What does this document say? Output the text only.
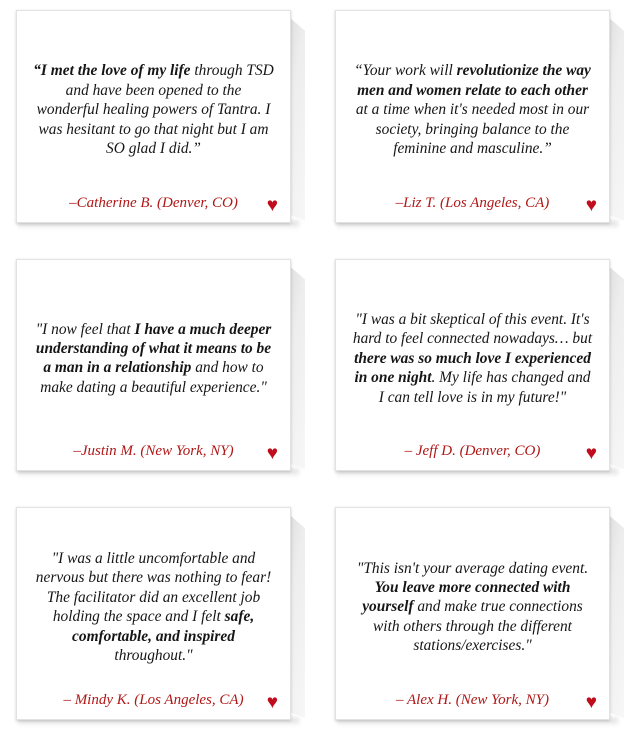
“I met the love of my life through TSD and have been opened to the wonderful healing powers of Tantra. I was hesitant to go that night but I am SO glad I did.”
–Catherine B. (Denver, CO) ♥
“Your work will revolutionize the way men and women relate to each other at a time when it's needed most in our society, bringing balance to the feminine and masculine.”
–Liz T. (Los Angeles, CA) ♥
"I now feel that I have a much deeper understanding of what it means to be a man in a relationship and how to make dating a beautiful experience."
–Justin M. (New York, NY) ♥
"I was a bit skeptical of this event. It's hard to feel connected nowadays… but there was so much love I experienced in one night. My life has changed and I can tell love is in my future!"
– Jeff D. (Denver, CO) ♥
"I was a little uncomfortable and nervous but there was nothing to fear! The facilitator did an excellent job holding the space and I felt safe, comfortable, and inspired throughout."
– Mindy K. (Los Angeles, CA) ♥
"This isn't your average dating event. You leave more connected with yourself and make true connections with others through the different stations/exercises."
– Alex H. (New York, NY) ♥
